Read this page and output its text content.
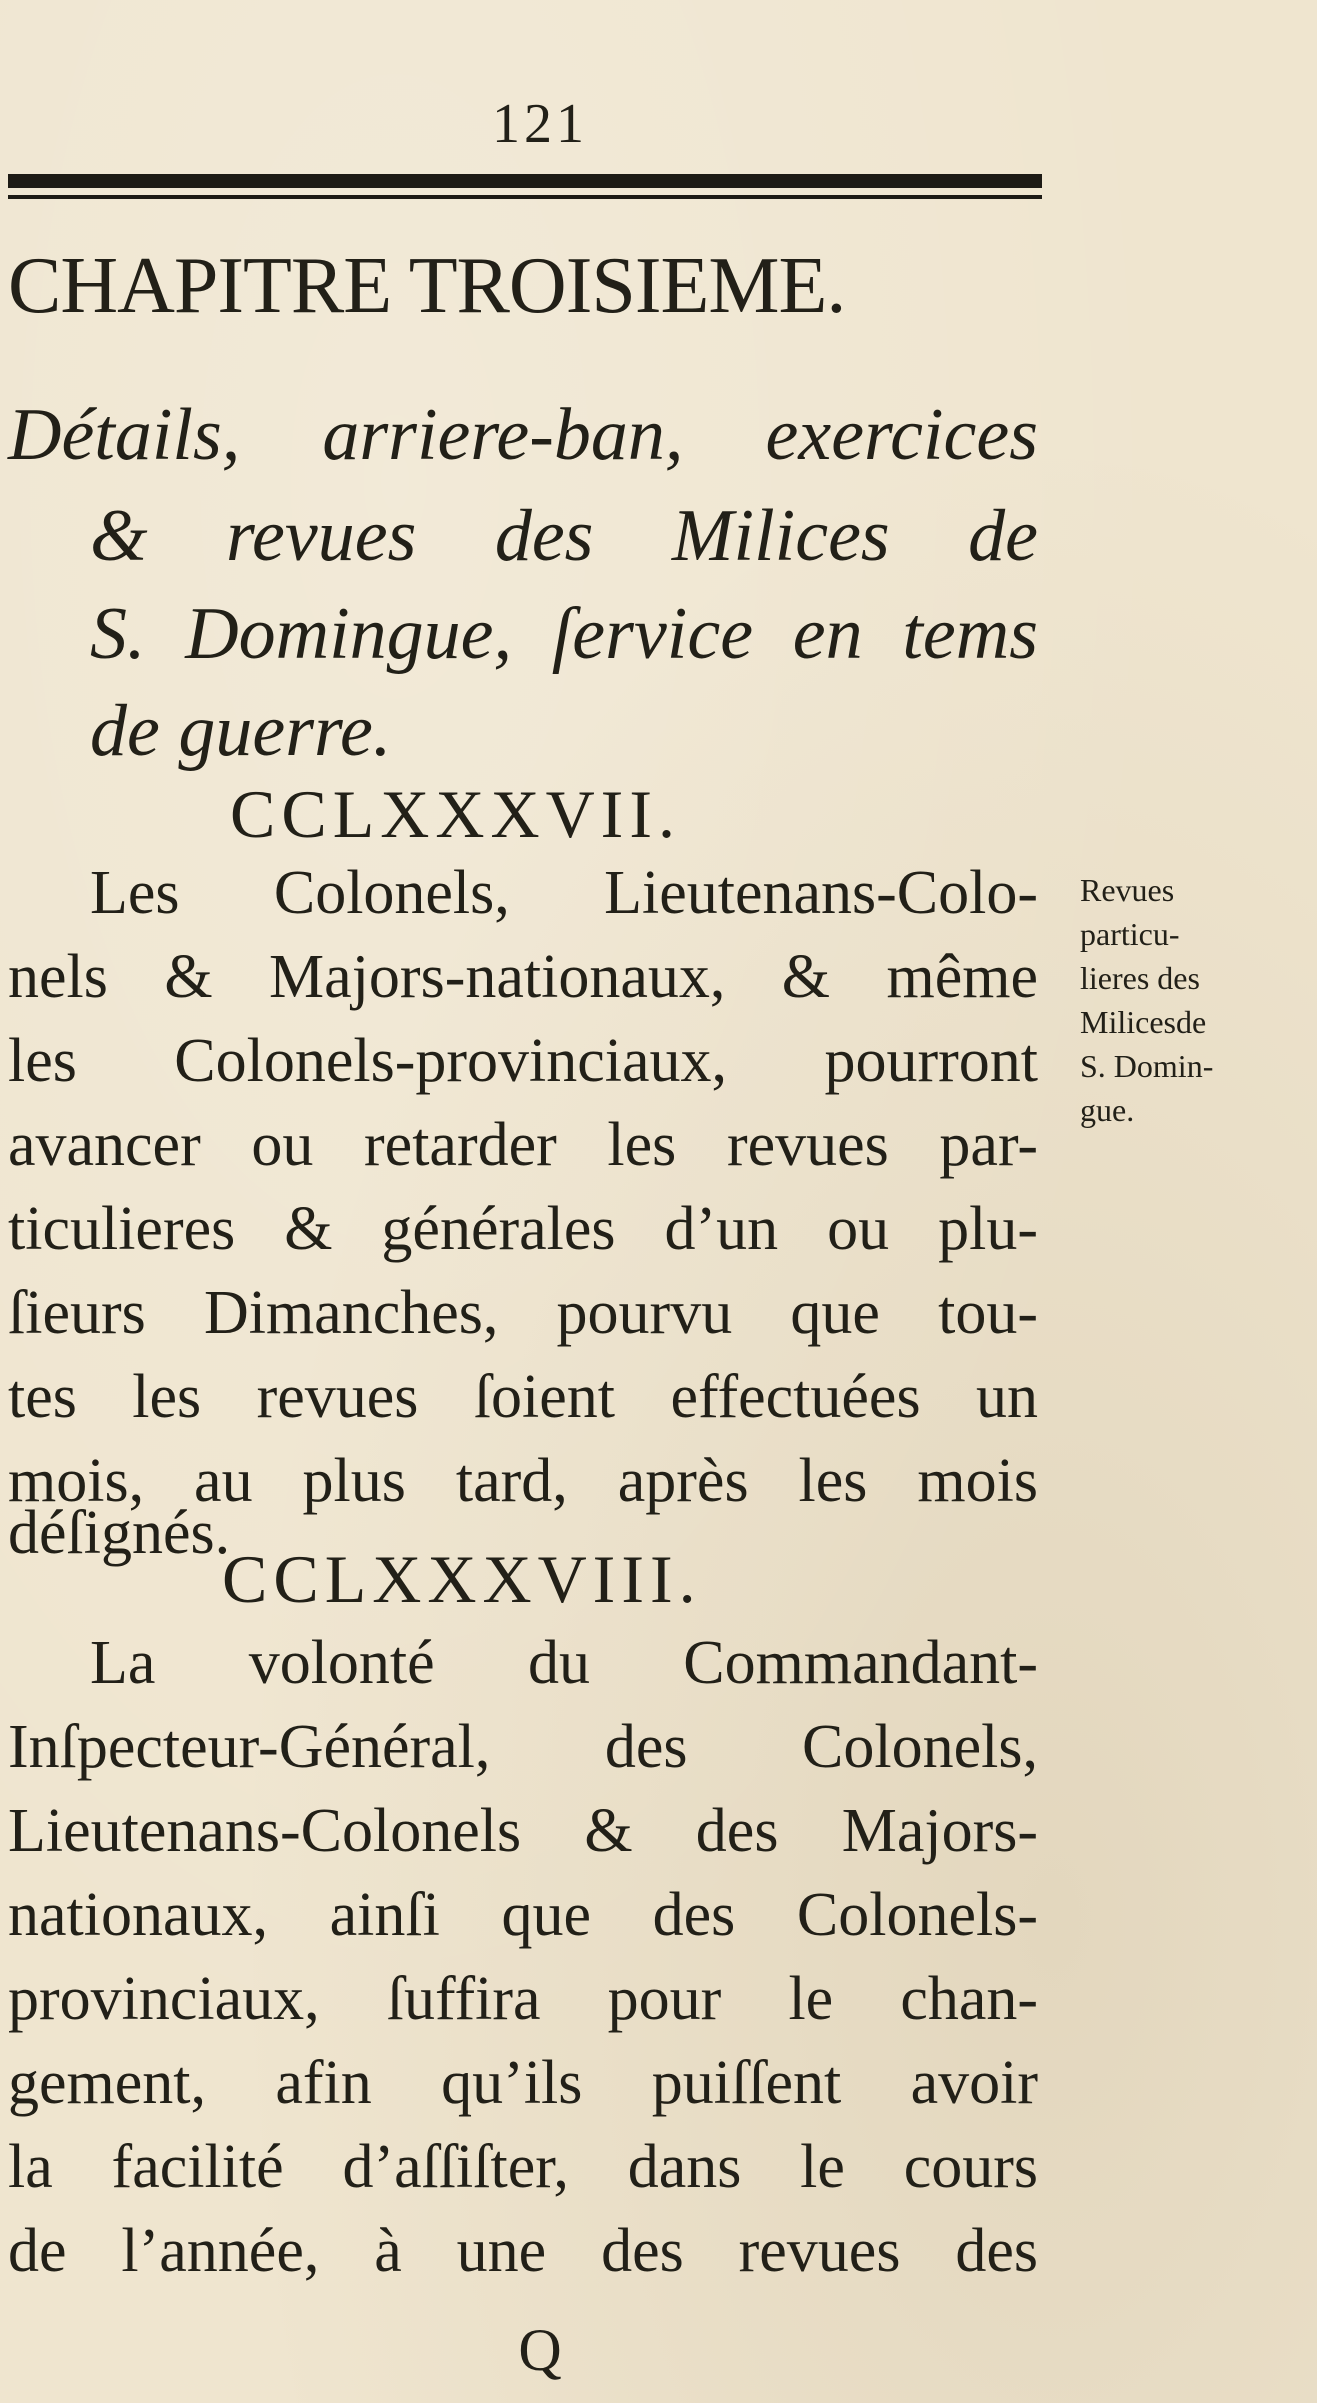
121
CHAPITRE TROISIEME.
Détails, arriere-ban, exercices
& revues des Milices de
S. Domingue, ſervice en tems
de guerre.
CCLXXXVII.
Les Colonels, Lieutenans-Colo-
nels & Majors-nationaux, & même
les Colonels-provinciaux, pourront
avancer ou retarder les revues par-
ticulieres & générales d’un ou plu-
ſieurs Dimanches, pourvu que tou-
tes les revues ſoient effectuées un
mois, au plus tard, après les mois
déſignés.
Revues
particu-
lieres des
Milicesde
S. Domin-
gue.
CCLXXXVIII.
La volonté du Commandant-
Inſpecteur-Général, des Colonels,
Lieutenans-Colonels & des Majors-
nationaux, ainſi que des Colonels-
provinciaux, ſuffira pour le chan-
gement, afin qu’ils puiſſent avoir
la facilité d’aſſiſter, dans le cours
de l’année, à une des revues des
Q
